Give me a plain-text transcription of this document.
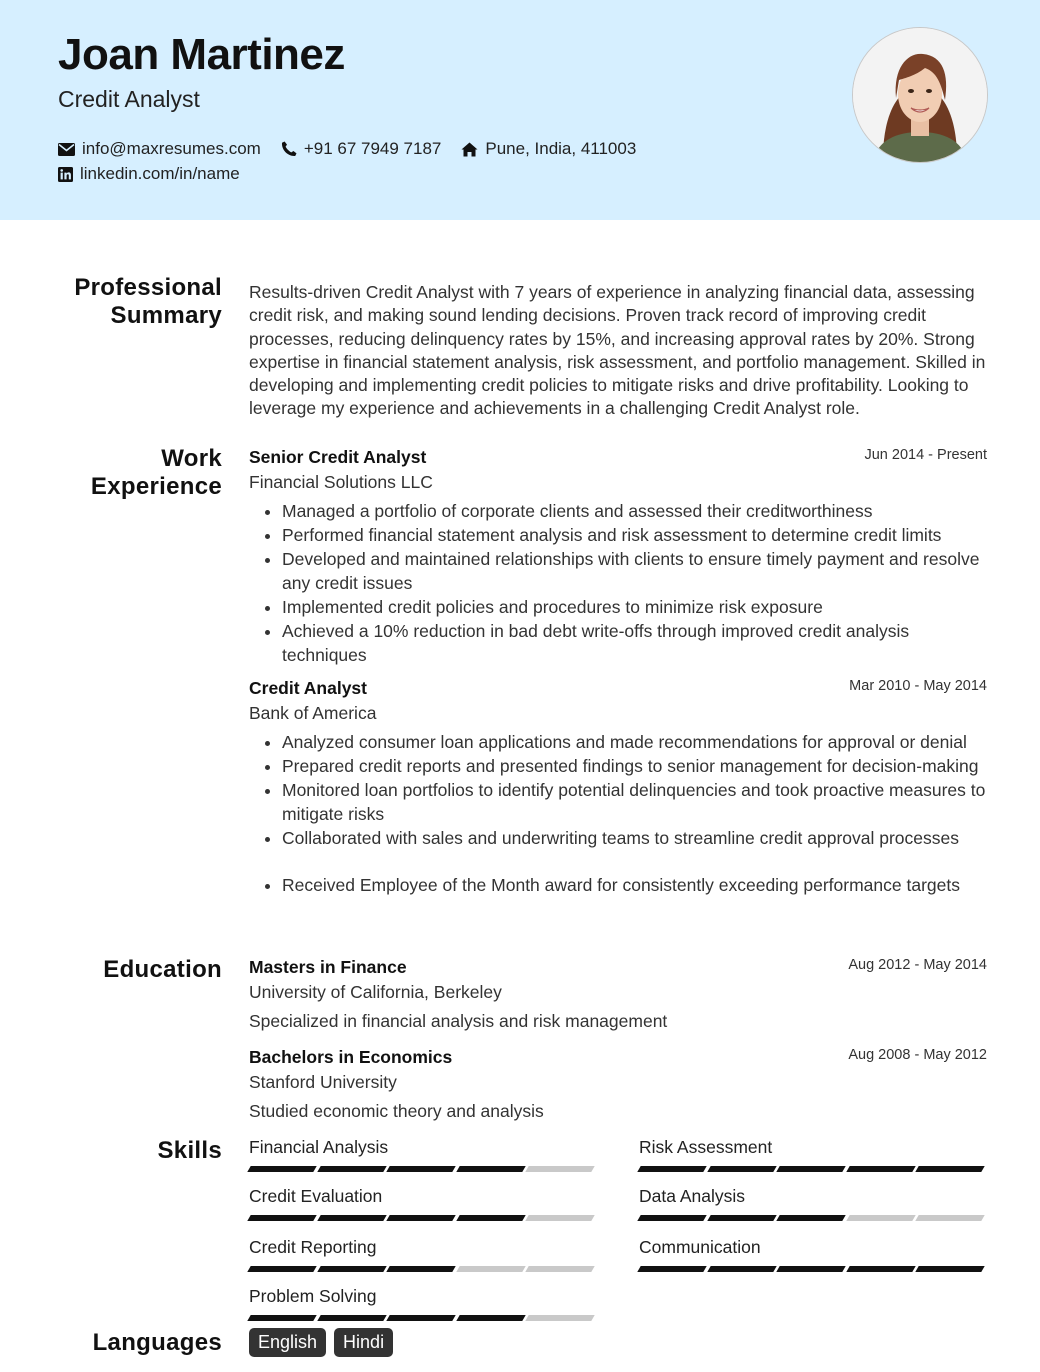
Joan Martinez
Credit Analyst
info@maxresumes.com	+91 67 7949 7187	Pune, India, 411003
linkedin.com/in/name
Professional
Summary
Work
Experience
Education
Skills
Languages

Results-driven Credit Analyst with 7 years of experience in analyzing financial data, assessing credit risk, and making sound lending decisions. Proven track record of improving credit processes, reducing delinquency rates by 15%, and increasing approval rates by 20%. Strong expertise in financial statement analysis, risk assessment, and portfolio management. Skilled in developing and implementing credit policies to mitigate risks and drive profitability. Looking to leverage my experience and achievements in a challenging Credit Analyst role.

Senior Credit Analyst	Jun 2014 - Present
Financial Solutions LLC
• Managed a portfolio of corporate clients and assessed their creditworthiness
• Performed financial statement analysis and risk assessment to determine credit limits
• Developed and maintained relationships with clients to ensure timely payment and resolve any credit issues
• Implemented credit policies and procedures to minimize risk exposure
• Achieved a 10% reduction in bad debt write-offs through improved credit analysis techniques
Credit Analyst	Mar 2010 - May 2014
Bank of America
• Analyzed consumer loan applications and made recommendations for approval or denial
• Prepared credit reports and presented findings to senior management for decision-making
• Monitored loan portfolios to identify potential delinquencies and took proactive measures to mitigate risks
• Collaborated with sales and underwriting teams to streamline credit approval processes
• Received Employee of the Month award for consistently exceeding performance targets
Masters in Finance	Aug 2012 - May 2014
University of California, Berkeley
Specialized in financial analysis and risk management
Bachelors in Economics	Aug 2008 - May 2012
Stanford University
Studied economic theory and analysis
Financial Analysis	Risk Assessment
Credit Evaluation	Data Analysis
Credit Reporting	Communication
Problem Solving
English Hindi
